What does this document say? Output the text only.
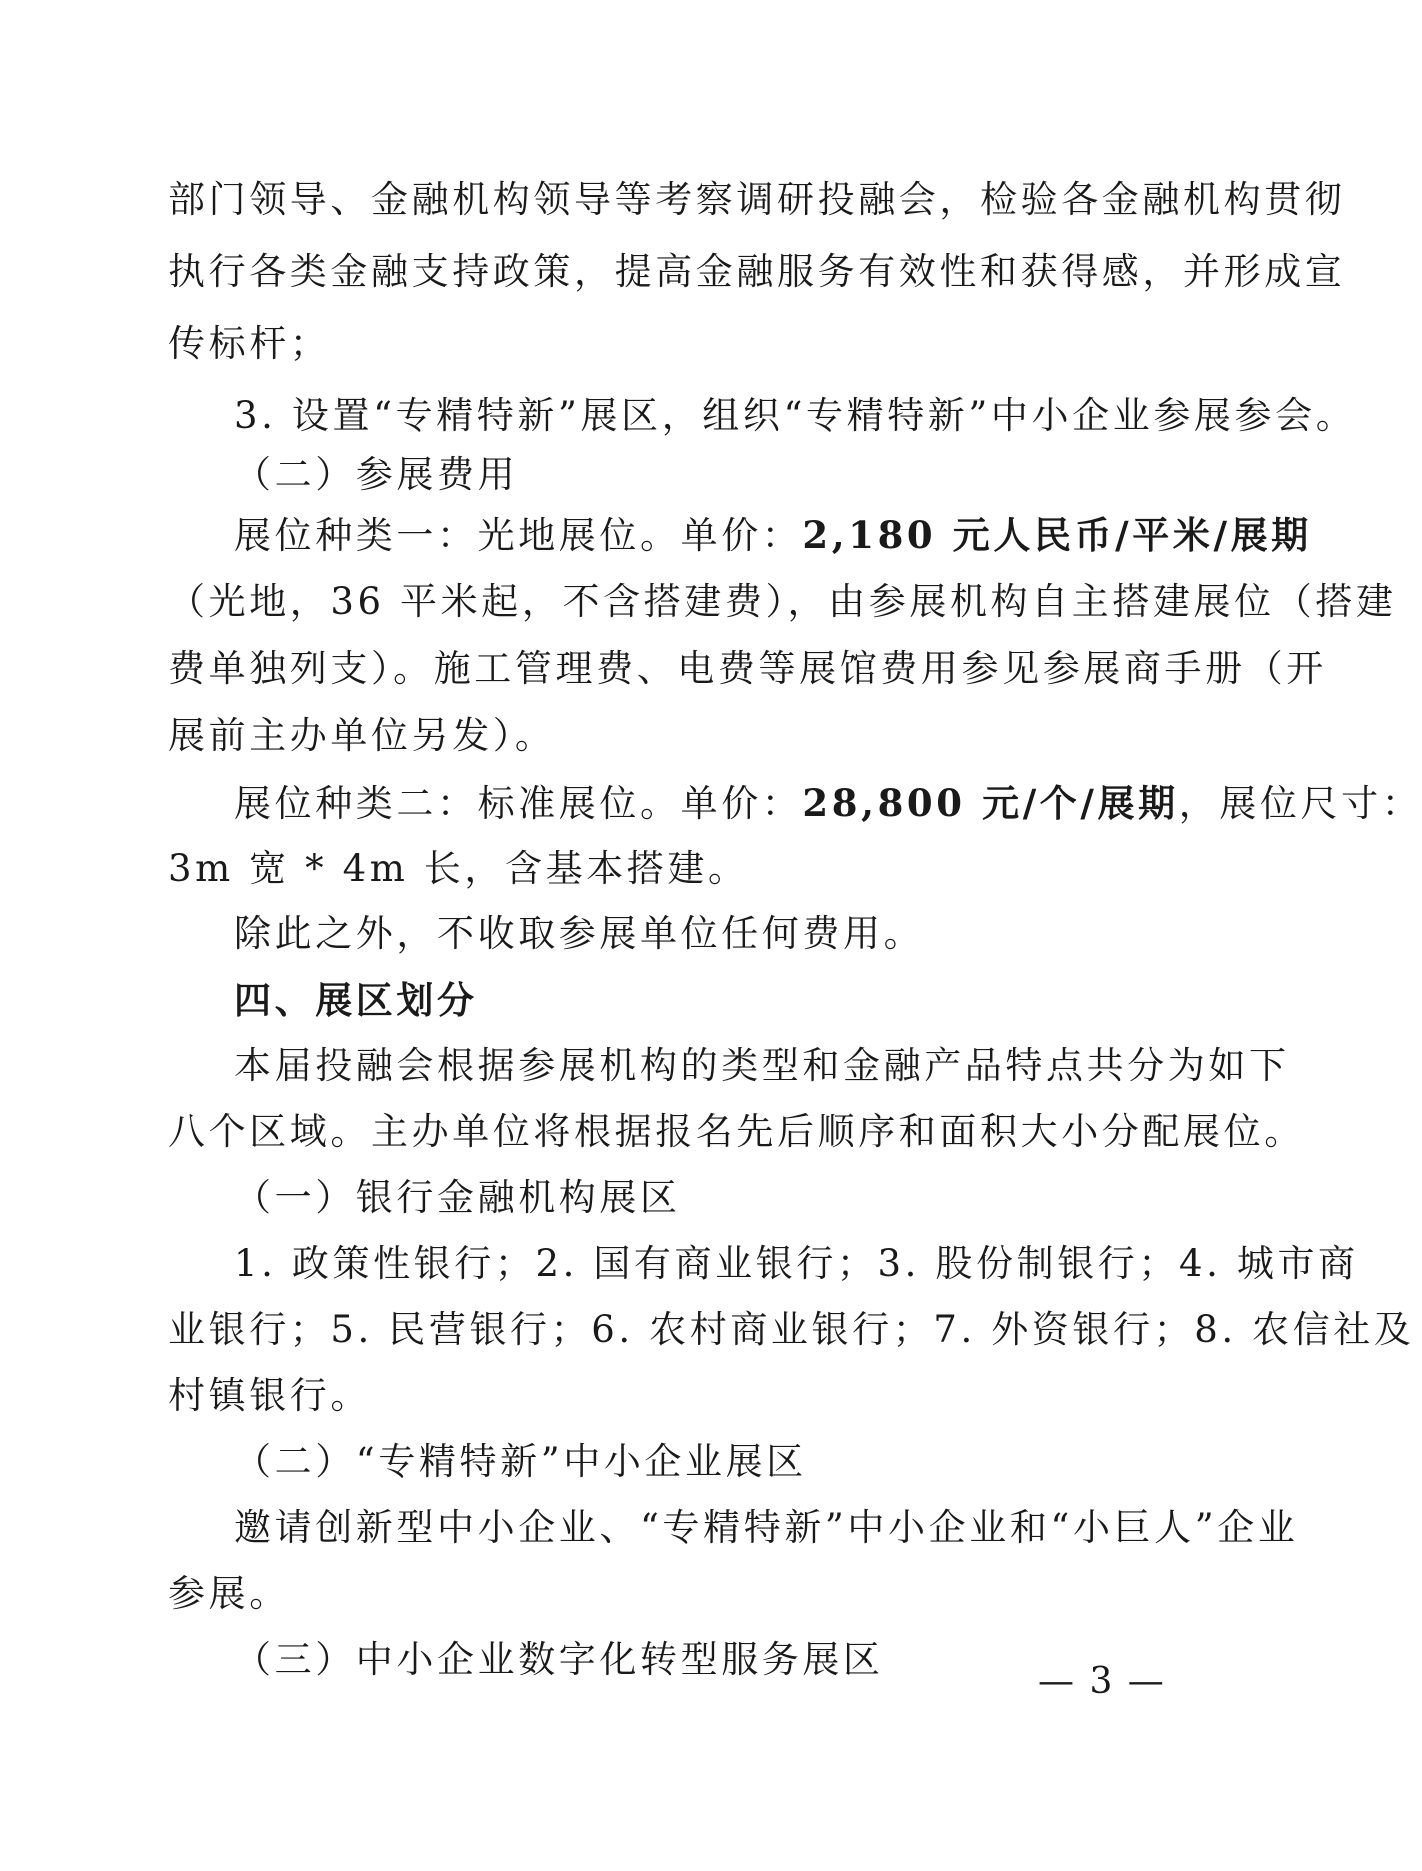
部门领导、金融机构领导等考察调研投融会，检验各金融机构贯彻
执行各类金融支持政策，提高金融服务有效性和获得感，并形成宣
传标杆；
3. 设置“专精特新”展区，组织“专精特新”中小企业参展参会。
（二）参展费用
展位种类一：光地展位。单价：2,180 元人民币/平米/展期
（光地，36 平米起，不含搭建费），由参展机构自主搭建展位（搭建
费单独列支）。施工管理费、电费等展馆费用参见参展商手册（开
展前主办单位另发）。
展位种类二：标准展位。单价：28,800 元/个/展期，展位尺寸：
3m 宽 * 4m 长，含基本搭建。
除此之外，不收取参展单位任何费用。
四、展区划分
本届投融会根据参展机构的类型和金融产品特点共分为如下
八个区域。主办单位将根据报名先后顺序和面积大小分配展位。
（一）银行金融机构展区
1. 政策性银行；2. 国有商业银行；3. 股份制银行；4. 城市商
业银行；5. 民营银行；6. 农村商业银行；7. 外资银行；8. 农信社及
村镇银行。
（二）“专精特新”中小企业展区
邀请创新型中小企业、“专精特新”中小企业和“小巨人”企业
参展。
（三）中小企业数字化转型服务展区
— 3 —
